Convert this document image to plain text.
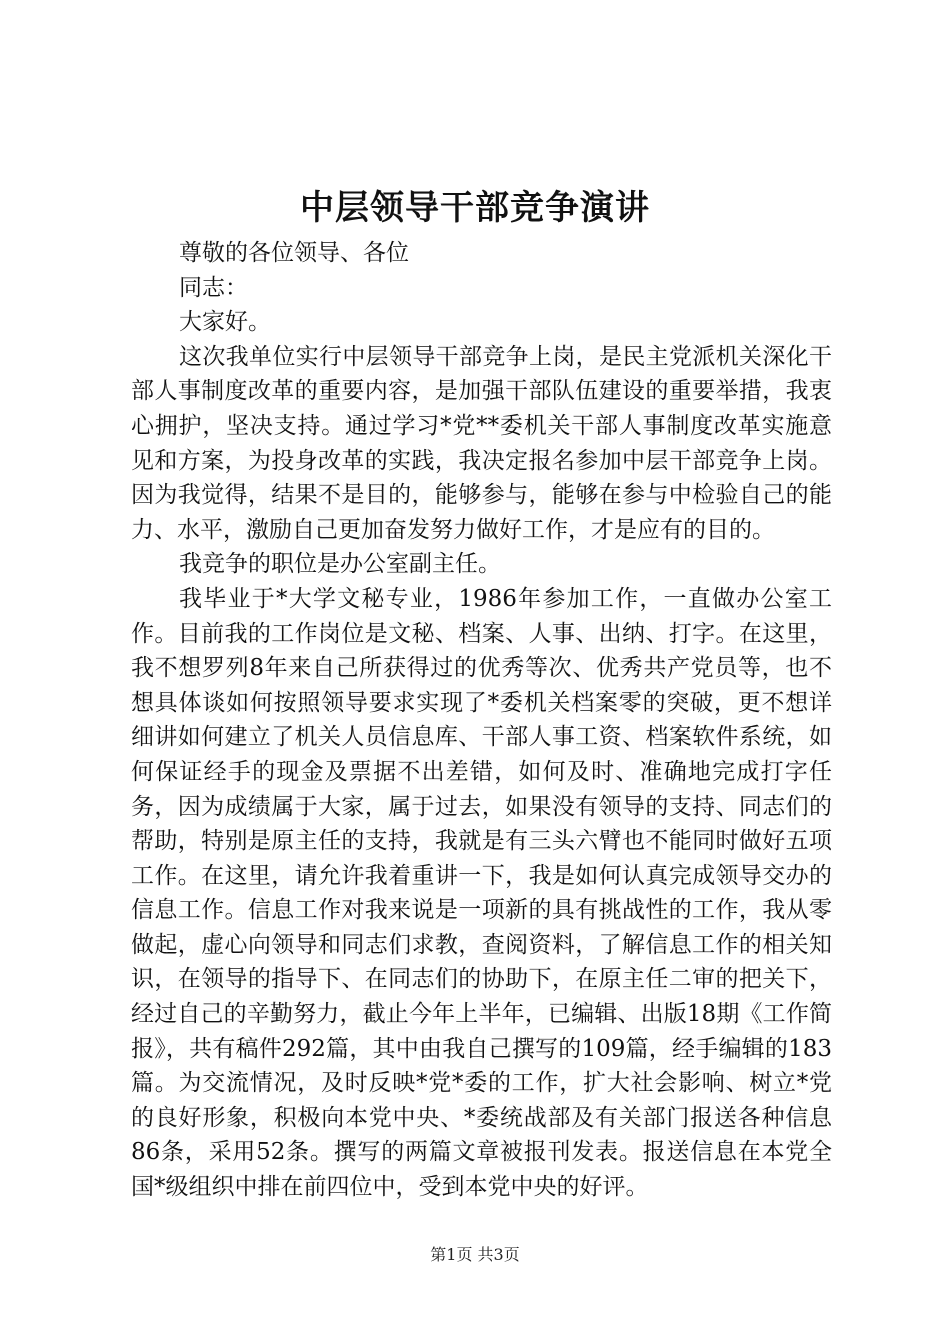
中层领导干部竞争演讲

尊敬的各位领导、各位

同志：

大家好。

这次我单位实行中层领导干部竞争上岗，是民主党派机关深化干部人事制度改革的重要内容，是加强干部队伍建设的重要举措，我衷心拥护，坚决支持。通过学习*党**委机关干部人事制度改革实施意见和方案，为投身改革的实践，我决定报名参加中层干部竞争上岗。因为我觉得，结果不是目的，能够参与，能够在参与中检验自己的能力、水平，激励自己更加奋发努力做好工作，才是应有的目的。

我竞争的职位是办公室副主任。

我毕业于*大学文秘专业，1986年参加工作，一直做办公室工作。目前我的工作岗位是文秘、档案、人事、出纳、打字。在这里，我不想罗列8年来自己所获得过的优秀等次、优秀共产党员等，也不想具体谈如何按照领导要求实现了*委机关档案零的突破，更不想详细讲如何建立了机关人员信息库、干部人事工资、档案软件系统，如何保证经手的现金及票据不出差错，如何及时、准确地完成打字任务，因为成绩属于大家，属于过去，如果没有领导的支持、同志们的帮助，特别是原主任的支持，我就是有三头六臂也不能同时做好五项工作。在这里，请允许我着重讲一下，我是如何认真完成领导交办的信息工作。信息工作对我来说是一项新的具有挑战性的工作，我从零做起，虚心向领导和同志们求教，查阅资料，了解信息工作的相关知识，在领导的指导下、在同志们的协助下，在原主任二审的把关下，经过自己的辛勤努力，截止今年上半年，已编辑、出版18期《工作简报》，共有稿件292篇，其中由我自己撰写的109篇，经手编辑的183篇。为交流情况，及时反映*党*委的工作，扩大社会影响、树立*党的良好形象，积极向本党中央、*委统战部及有关部门报送各种信息86条，采用52条。撰写的两篇文章被报刊发表。报送信息在本党全国*级组织中排在前四位中，受到本党中央的好评。

第1页 共3页
